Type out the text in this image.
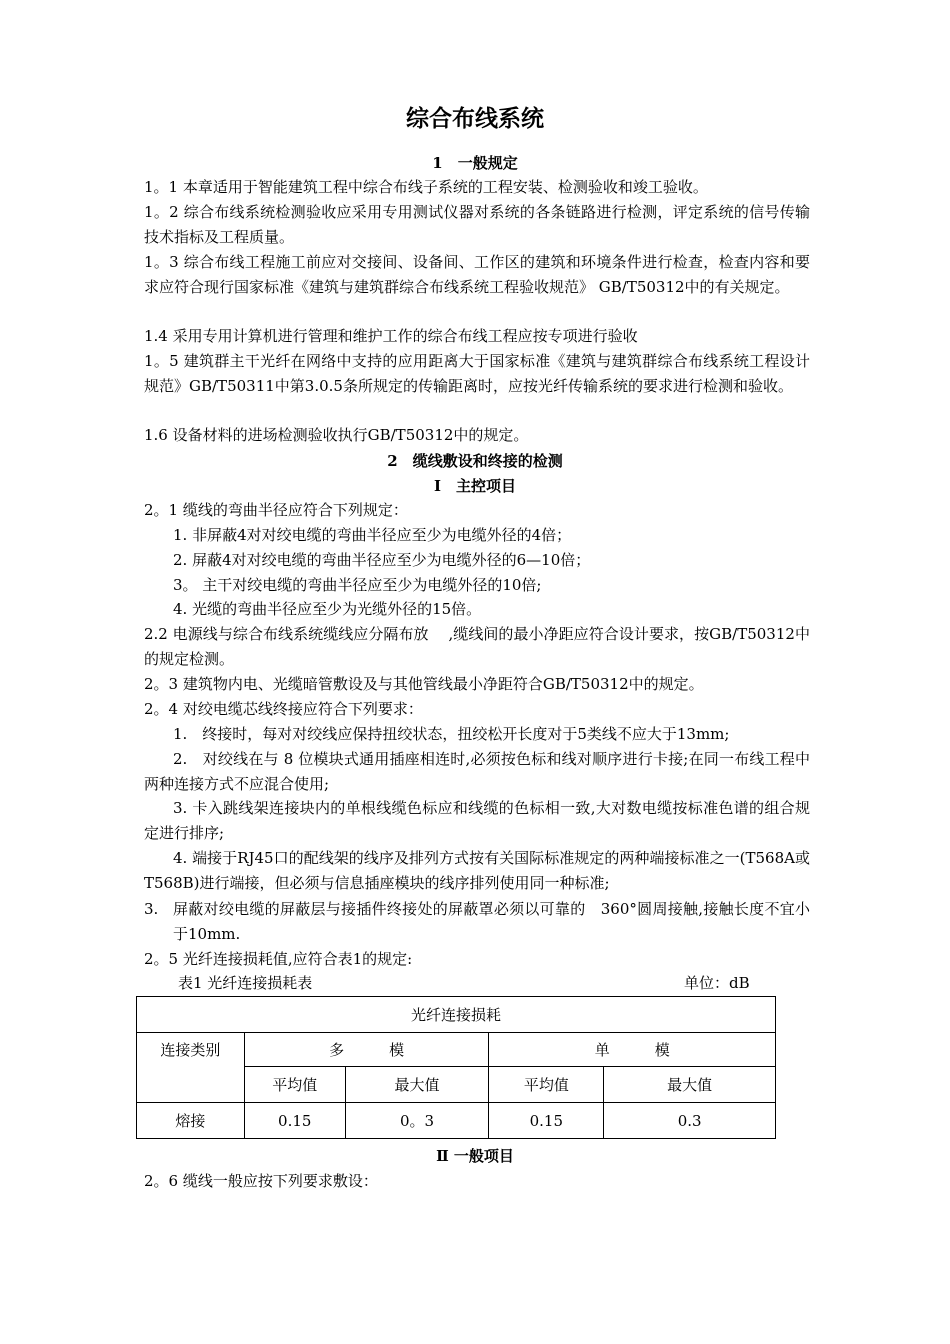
综合布线系统
1　一般规定
1。1 本章适用于智能建筑工程中综合布线子系统的工程安装、检测验收和竣工验收。
1。2 综合布线系统检测验收应采用专用测试仪器对系统的各条链路进行检测，评定系统的信号传输技术指标及工程质量。
1。3 综合布线工程施工前应对交接间、设备间、工作区的建筑和环境条件进行检查，检查内容和要求应符合现行国家标准《建筑与建筑群综合布线系统工程验收规范》 GB/T50312中的有关规定。
1.4 采用专用计算机进行管理和维护工作的综合布线工程应按专项进行验收
1。5 建筑群主干光纤在网络中支持的应用距离大于国家标准《建筑与建筑群综合布线系统工程设计规范》GB/T50311中第3.0.5条所规定的传输距离时，应按光纤传输系统的要求进行检测和验收。
1.6 设备材料的进场检测验收执行GB/T50312中的规定。
2　缆线敷设和终接的检测
Ⅰ　主控项目
2。1 缆线的弯曲半径应符合下列规定：
1. 非屏蔽4对对绞电缆的弯曲半径应至少为电缆外径的4倍；
2. 屏蔽4对对绞电缆的弯曲半径应至少为电缆外径的6—10倍；
3。 主干对绞电缆的弯曲半径应至少为电缆外径的10倍;
4. 光缆的弯曲半径应至少为光缆外径的15倍。
2.2 电源线与综合布线系统缆线应分隔布放　 ,缆线间的最小净距应符合设计要求，按GB/T50312中的规定检测。
2。3 建筑物内电、光缆暗管敷设及与其他管线最小净距符合GB/T50312中的规定。
2。4 对绞电缆芯线终接应符合下列要求：
1.　终接时，每对对绞线应保持扭绞状态，扭绞松开长度对于5类线不应大于13mm;
2.　对绞线在与 8 位模块式通用插座相连时,必须按色标和线对顺序进行卡接;在同一布线工程中两种连接方式不应混合使用;
3. 卡入跳线架连接块内的单根线缆色标应和线缆的色标相一致,大对数电缆按标准色谱的组合规定进行排序;
4. 端接于RJ45口的配线架的线序及排列方式按有关国际标准规定的两种端接标准之一(T568A或T568B)进行端接，但必须与信息插座模块的线序排列使用同一种标准;
3. 屏蔽对绞电缆的屏蔽层与接插件终接处的屏蔽罩必须以可靠的　360°圆周接触,接触长度不宜小于10mm.
2。5 光纤连接损耗值,应符合表1的规定:
表1 光纤连接损耗表	单位：dB
光纤连接损耗				
连接类别	多　　　模		单　　　模	
	平均值	最大值	平均值	最大值
熔接	0.15	0。3	0.15	0.3
Ⅱ 一般项目
2。6 缆线一般应按下列要求敷设：
